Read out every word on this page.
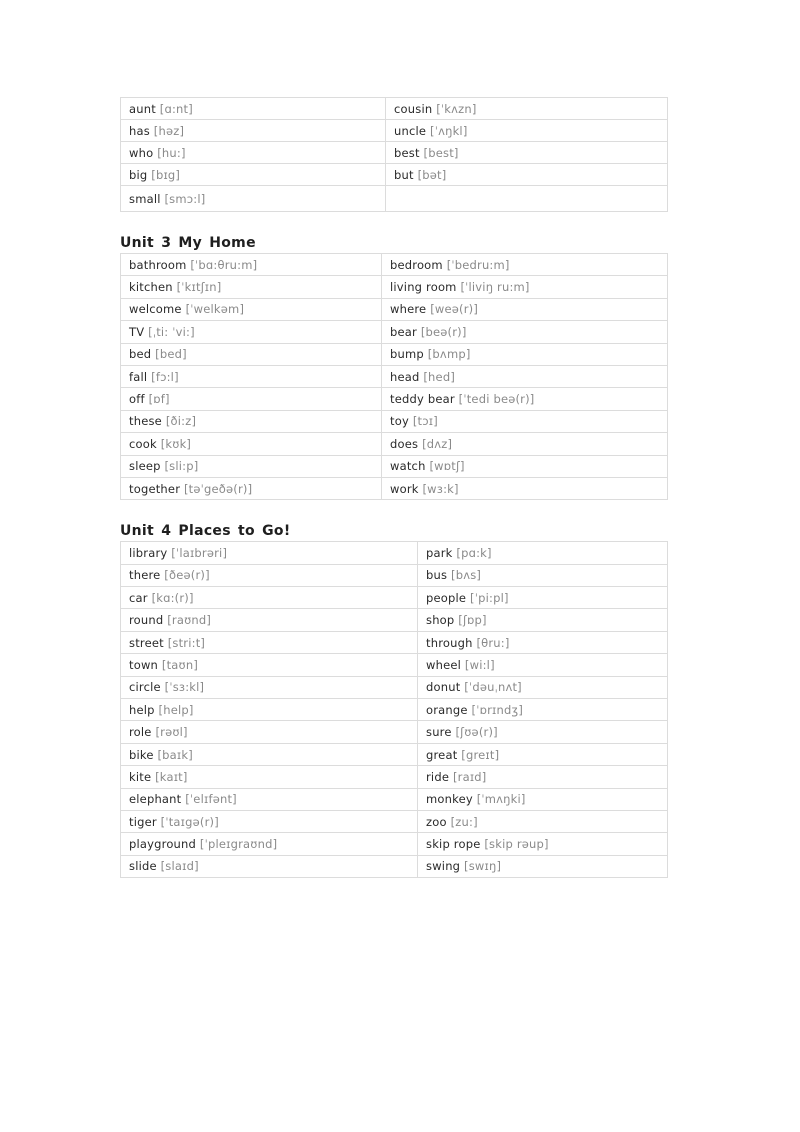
aunt [ɑ:nt]	cousin [ˈkʌzn]
has [həz]	uncle [ˈʌŋkl]
who [hu:]	best [best]
big [bɪg]	but [bət]
small [smɔ:l]	
Unit 3 My Home
bathroom [ˈbɑ:θru:m]	bedroom [ˈbedru:m]
kitchen [ˈkɪtʃɪn]	living room [ˈliviŋ ru:m]
welcome [ˈwelkəm]	where [weə(r)]
TV [ˌti: ˈvi:]	bear [beə(r)]
bed [bed]	bump [bʌmp]
fall [fɔ:l]	head [hed]
off [ɒf]	teddy bear [ˈtedi beə(r)]
these [ði:z]	toy [tɔɪ]
cook [kʊk]	does [dʌz]
sleep [sli:p]	watch [wɒtʃ]
together [təˈgeðə(r)]	work [wɜ:k]
Unit 4 Places to Go!
library [ˈlaɪbrəri]	park [pɑ:k]
there [ðeə(r)]	bus [bʌs]
car [kɑ:(r)]	people [ˈpi:pl]
round [raʊnd]	shop [ʃɒp]
street [stri:t]	through [θru:]
town [taʊn]	wheel [wi:l]
circle [ˈsɜ:kl]	donut [ˈdəuˌnʌt]
help [help]	orange [ˈɒrɪndʒ]
role [rəʊl]	sure [ʃʊə(r)]
bike [baɪk]	great [greɪt]
kite [kaɪt]	ride [raɪd]
elephant [ˈelɪfənt]	monkey [ˈmʌŋki]
tiger [ˈtaɪgə(r)]	zoo [zu:]
playground [ˈpleɪgraʊnd]	skip rope [skip rəup]
slide [slaɪd]	swing [swɪŋ]
